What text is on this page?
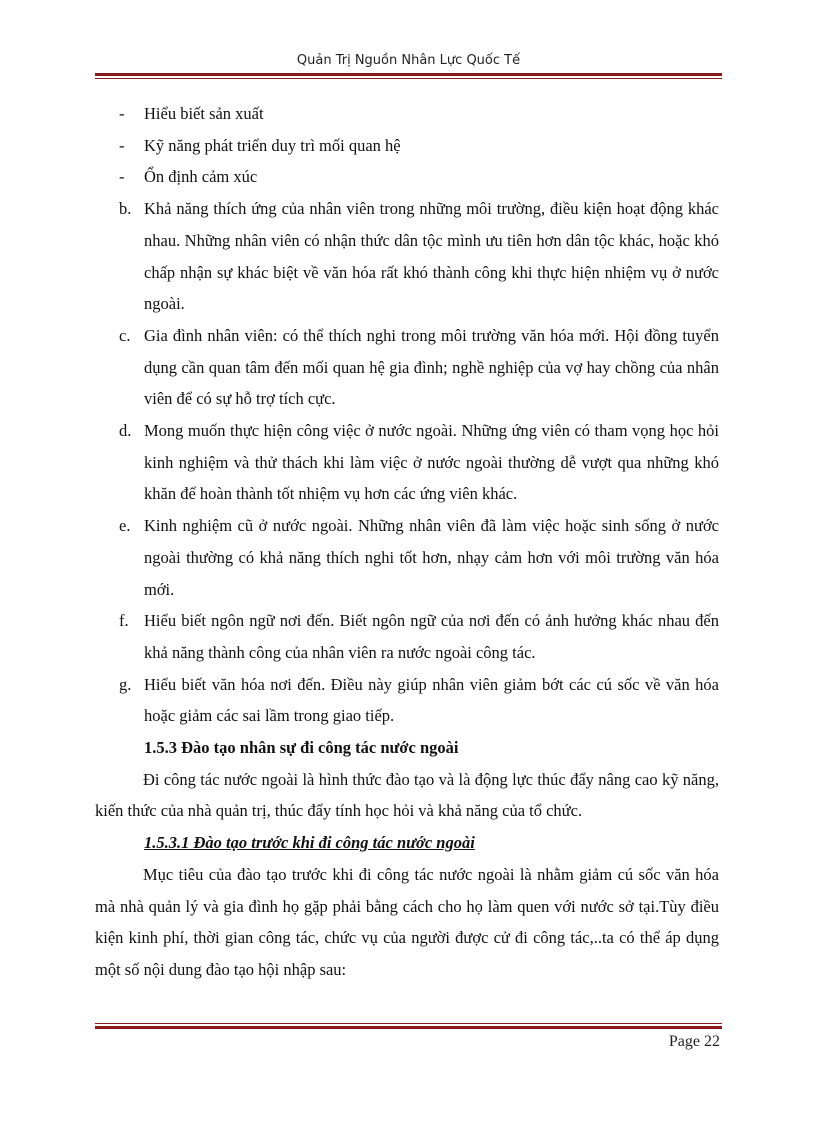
Quản Trị Nguồn Nhân Lực Quốc Tế
- Hiểu biết sản xuất
- Kỹ năng phát triển duy trì mối quan hệ
- Ổn định cảm xúc
b. Khả năng thích ứng của nhân viên trong những môi trường, điều kiện hoạt động khác nhau. Những nhân viên có nhận thức dân tộc mình ưu tiên hơn dân tộc khác, hoặc khó chấp nhận sự khác biệt về văn hóa rất khó thành công khi thực hiện nhiệm vụ ở nước ngoài.
c. Gia đình nhân viên: có thể thích nghi trong môi trường văn hóa mới. Hội đồng tuyển dụng cần quan tâm đến mối quan hệ gia đình; nghề nghiệp của vợ hay chồng của nhân viên để có sự hỗ trợ tích cực.
d. Mong muốn thực hiện công việc ở nước ngoài. Những ứng viên có tham vọng học hỏi kinh nghiệm và thử thách khi làm việc ở nước ngoài thường dễ vượt qua những khó khăn để hoàn thành tốt nhiệm vụ hơn các ứng viên khác.
e. Kinh nghiệm cũ ở nước ngoài. Những nhân viên đã làm việc hoặc sinh sống ở nước ngoài thường có khả năng thích nghi tốt hơn, nhạy cảm hơn với môi trường văn hóa mới.
f. Hiểu biết ngôn ngữ nơi đến. Biết ngôn ngữ của nơi đến có ảnh hưởng khác nhau đến khả năng thành công của nhân viên ra nước ngoài công tác.
g. Hiểu biết văn hóa nơi đến. Điều này giúp nhân viên giảm bớt các cú sốc về văn hóa hoặc giảm các sai lầm trong giao tiếp.
1.5.3 Đào tạo nhân sự đi công tác nước ngoài
Đi công tác nước ngoài là hình thức đào tạo và là động lực thúc đẩy nâng cao kỹ năng, kiến thức của nhà quản trị, thúc đẩy tính học hỏi và khả năng của tổ chức.
1.5.3.1 Đào tạo trước khi đi công tác nước ngoài
Mục tiêu của đào tạo trước khi đi công tác nước ngoài là nhằm giảm cú sốc văn hóa mà nhà quản lý và gia đình họ gặp phải bằng cách cho họ làm quen với nước sở tại.Tùy điều kiện kinh phí, thời gian công tác, chức vụ của người được cử đi công tác,..ta có thể áp dụng một số nội dung đào tạo hội nhập sau:
Page 22
